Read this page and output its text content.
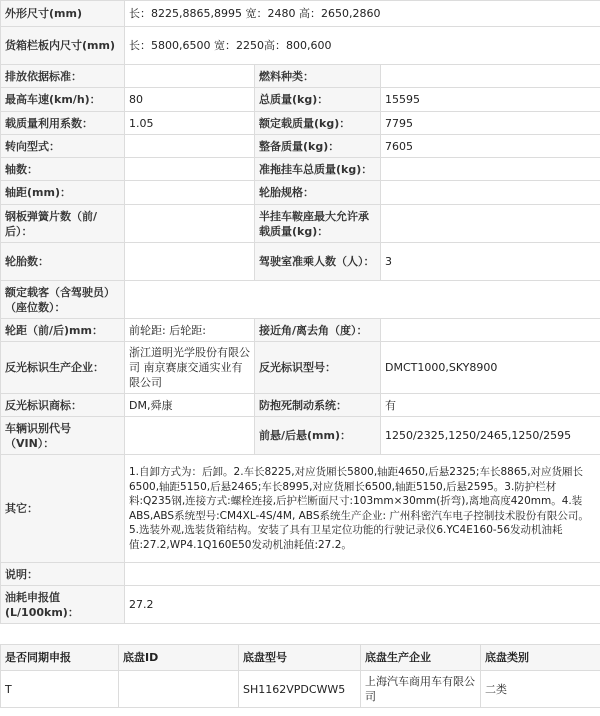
外形尺寸(mm)	长：8225,8865,8995 宽：2480 高：2650,2860		
货箱栏板内尺寸(mm)	长：5800,6500 宽：2250高：800,600		
排放依据标准：		燃料种类：	
最高车速(km/h)：	80	总质量(kg)：	15595
载质量利用系数：	1.05	额定载质量(kg)：	7795
转向型式：		整备质量(kg)：	7605
轴数：		准拖挂车总质量(kg)：	
轴距(mm)：		轮胎规格：	
钢板弹簧片数（前/后）：		半挂车鞍座最大允许承载质量(kg)：	
轮胎数：		驾驶室准乘人数（人）：	3
额定载客（含驾驶员）（座位数）：			
轮距（前/后)mm：	前轮距: 后轮距:	接近角/离去角（度）：	
反光标识生产企业：	浙江道明光学股份有限公司 南京赛康交通实业有限公司	反光标识型号：	DMCT1000,SKY8900
反光标识商标：	DM,舜康	防抱死制动系统：	有
车辆识别代号（VIN）：		前悬/后悬(mm)：	1250/2325,1250/2465,1250/2595
其它：	1.自卸方式为：后卸。2.车长8225,对应货厢长5800,轴距4650,后悬2325;车长8865,对应货厢长6500,轴距5150,后悬2465;车长8995,对应货厢长6500,轴距5150,后悬2595。3.防护栏材料:Q235钢,连接方式:螺栓连接,后护栏断面尺寸:103mm×30mm(折弯),离地高度420mm。4.装ABS,ABS系统型号:CM4XL-4S/4M, ABS系统生产企业: 广州科密汽车电子控制技术股份有限公司。5.选装外观,选装货箱结构。安装了具有卫星定位功能的行驶记录仪6.YC4E160-56发动机油耗值:27.2,WP4.1Q160E50发动机油耗值:27.2。		
说明：			
油耗申报值(L/100km)：	27.2		
是否同期申报	底盘ID	底盘型号	底盘生产企业	底盘类别
T		SH1162VPDCWW5	上海汽车商用车有限公司	二类
